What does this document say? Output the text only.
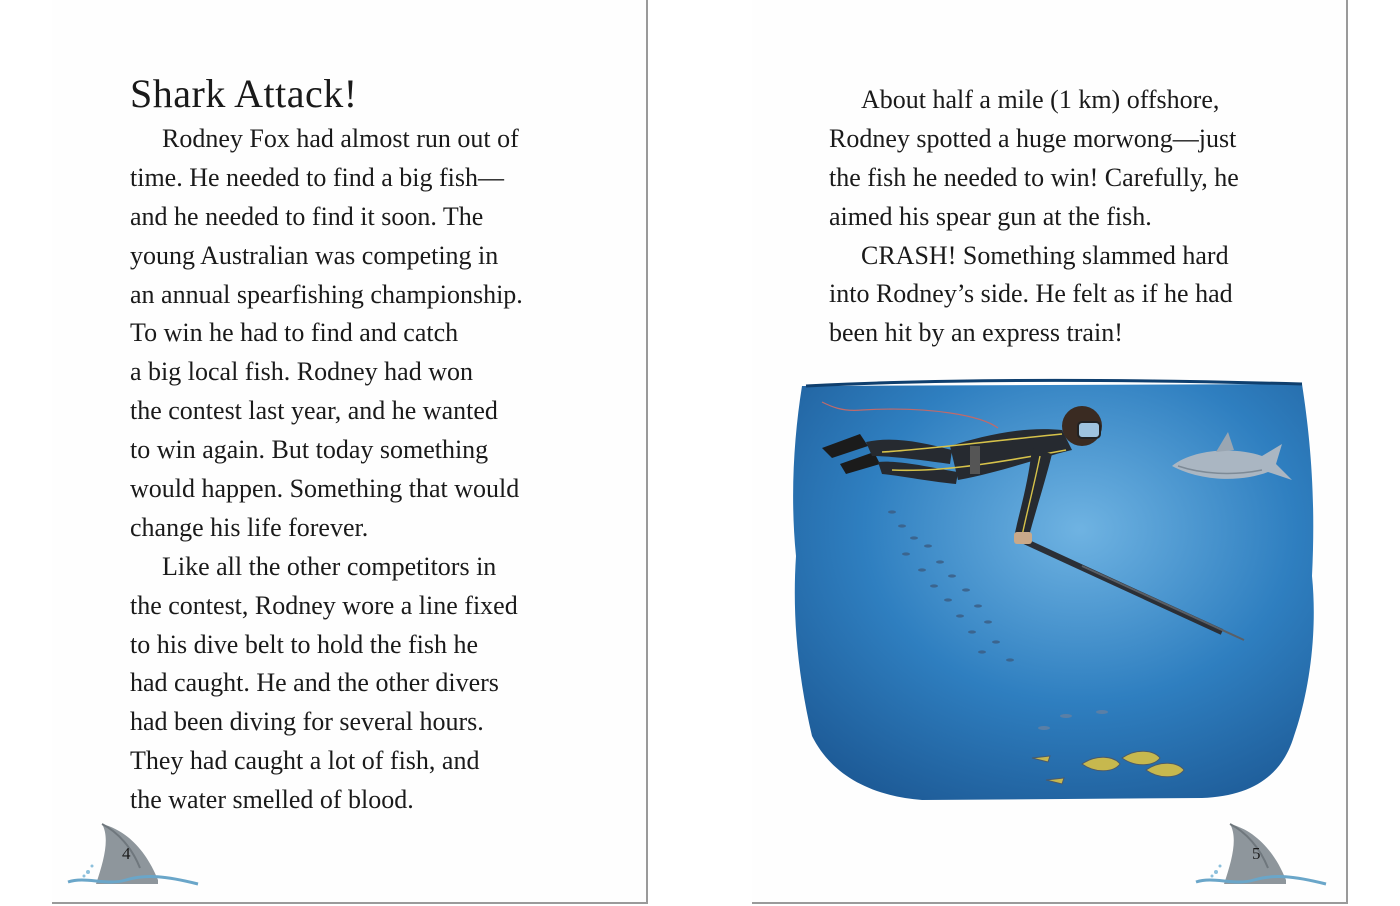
Shark Attack!
Rodney Fox had almost run out of
time. He needed to find a big fish—
and he needed to find it soon. The
young Australian was competing in
an annual spearfishing championship.
To win he had to find and catch
a big local fish. Rodney had won
the contest last year, and he wanted
to win again. But today something
would happen. Something that would
change his life forever.
Like all the other competitors in
the contest, Rodney wore a line fixed
to his dive belt to hold the fish he
had caught. He and the other divers
had been diving for several hours.
They had caught a lot of fish, and
the water smelled of blood.
4
About half a mile (1 km) offshore,
Rodney spotted a huge morwong—just
the fish he needed to win! Carefully, he
aimed his spear gun at the fish.
CRASH! Something slammed hard
into Rodney’s side. He felt as if he had
been hit by an express train!
5
